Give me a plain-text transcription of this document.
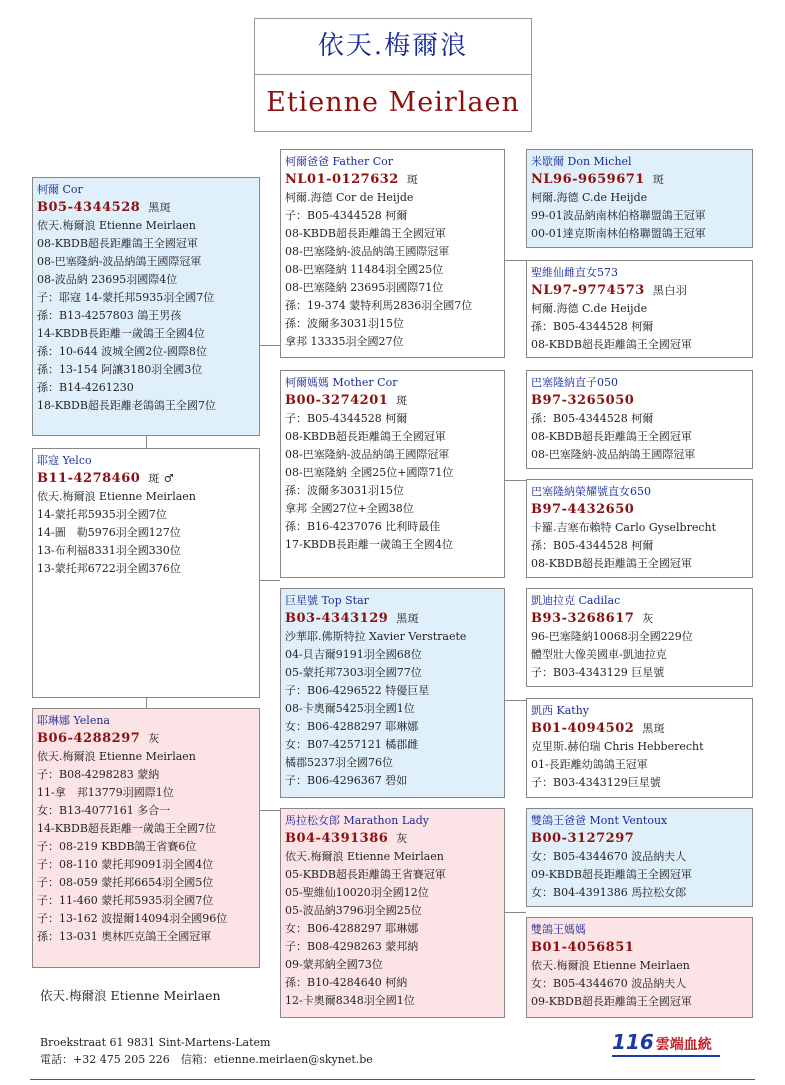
依天.梅爾浪
Etienne Meirlaen
柯爾 Cor
B05-4344528 黑斑
依天.梅爾浪 Etienne Meirlaen
08-KBDB超長距離鴿王全國冠軍
08-巴塞隆納-波品納鴿王國際冠軍
08-波品納 23695羽國際4位
子：耶寇 14-蒙托邦5935羽全國7位
孫：B13-4257803 鴿王男孩
14-KBDB長距離一歲鴿王全國4位
孫：10-644 波城全國2位-國際8位
孫：13-154 阿讓3180羽全國3位
孫：B14-4261230
18-KBDB超長距離老鴿鴿王全國7位
耶寇 Yelco
B11-4278460 斑 ♂
依天.梅爾浪 Etienne Meirlaen
14-蒙托邦5935羽全國7位
14-圖　勒5976羽全國127位
13-布利福8331羽全國330位
13-蒙托邦6722羽全國376位
耶琳娜 Yelena
B06-4288297 灰
依天.梅爾浪 Etienne Meirlaen
子：B08-4298283 蒙納
11-拿　邦13779羽國際1位
女：B13-4077161 多合一
14-KBDB超長距離一歲鴿王全國7位
子：08-219 KBDB鴿王省賽6位
子：08-110 蒙托邦9091羽全國4位
子：08-059 蒙托邦6654羽全國5位
子：11-460 蒙托邦5935羽全國7位
子：13-162 波提爾14094羽全國96位
孫：13-031 奧林匹克鴿王全國冠軍
柯爾爸爸 Father Cor
NL01-0127632 斑
柯爾.海德 Cor de Heijde
子：B05-4344528 柯爾
08-KBDB超長距離鴿王全國冠軍
08-巴塞隆納-波品納鴿王國際冠軍
08-巴塞隆納 11484羽全國25位
08-巴塞隆納 23695羽國際71位
孫：19-374 蒙特利馬2836羽全國7位
孫：波爾多3031羽15位
拿邦 13335羽全國27位
柯爾媽媽 Mother Cor
B00-3274201 斑
子：B05-4344528 柯爾
08-KBDB超長距離鴿王全國冠軍
08-巴塞隆納-波品納鴿王國際冠軍
08-巴塞隆納 全國25位+國際71位
孫：波爾多3031羽15位
拿邦 全國27位+全國38位
孫：B16-4237076 比利時最佳
17-KBDB長距離一歲鴿王全國4位
巨星號 Top Star
B03-4343129 黑斑
沙華耶.佛斯特拉 Xavier Verstraete
04-貝吉爾9191羽全國68位
05-蒙托邦7303羽全國77位
子：B06-4296522 特優巨星
08-卡奧爾5425羽全國1位
女：B06-4288297 耶琳娜
女：B07-4257121 橘郡雌
橘郡5237羽全國76位
子：B06-4296367 碧如
馬拉松女郎 Marathon Lady
B04-4391386 灰
依天.梅爾浪 Etienne Meirlaen
05-KBDB超長距離鴿王省賽冠軍
05-聖維仙10020羽全國12位
05-波品納3796羽全國25位
女：B06-4288297 耶琳娜
子：B08-4298263 蒙邦納
09-蒙邦納全國73位
孫：B10-4284640 柯納
12-卡奧爾8348羽全國1位
米歇爾 Don Michel
NL96-9659671 斑
柯爾.海德 C.de Heijde
99-01波品納南林伯格聯盟鴿王冠軍
00-01達克斯南林伯格聯盟鴿王冠軍
聖維仙雌直女573
NL97-9774573 黑白羽
柯爾.海德 C.de Heijde
孫：B05-4344528 柯爾
08-KBDB超長距離鴿王全國冠軍
巴塞隆納直子050
B97-3265050
孫：B05-4344528 柯爾
08-KBDB超長距離鴿王全國冠軍
08-巴塞隆納-波品納鴿王國際冠軍
巴塞隆納榮耀號直女650
B97-4432650
卡羅.吉塞布賴特 Carlo Gyselbrecht
孫：B05-4344528 柯爾
08-KBDB超長距離鴿王全國冠軍
凱迪拉克 Cadilac
B93-3268617 灰
96-巴塞隆納10068羽全國229位
體型壯大像美國車-凱迪拉克
子：B03-4343129 巨星號
凱西 Kathy
B01-4094502 黑斑
克里斯.赫伯瑞 Chris Hebberecht
01-長距離幼鴿鴿王冠軍
子：B03-4343129巨星號
雙鴿王爸爸 Mont Ventoux
B00-3127297
女：B05-4344670 波品納夫人
09-KBDB超長距離鴿王全國冠軍
女：B04-4391386 馬拉松女郎
雙鴿王媽媽
B01-4056851
依天.梅爾浪 Etienne Meirlaen
女：B05-4344670 波品納夫人
09-KBDB超長距離鴿王全國冠軍
依天.梅爾浪 Etienne Meirlaen
Broekstraat 61 9831 Sint-Martens-Latem
電話：+32 475 205 226　信箱：etienne.meirlaen@skynet.be
116 雲端血統
